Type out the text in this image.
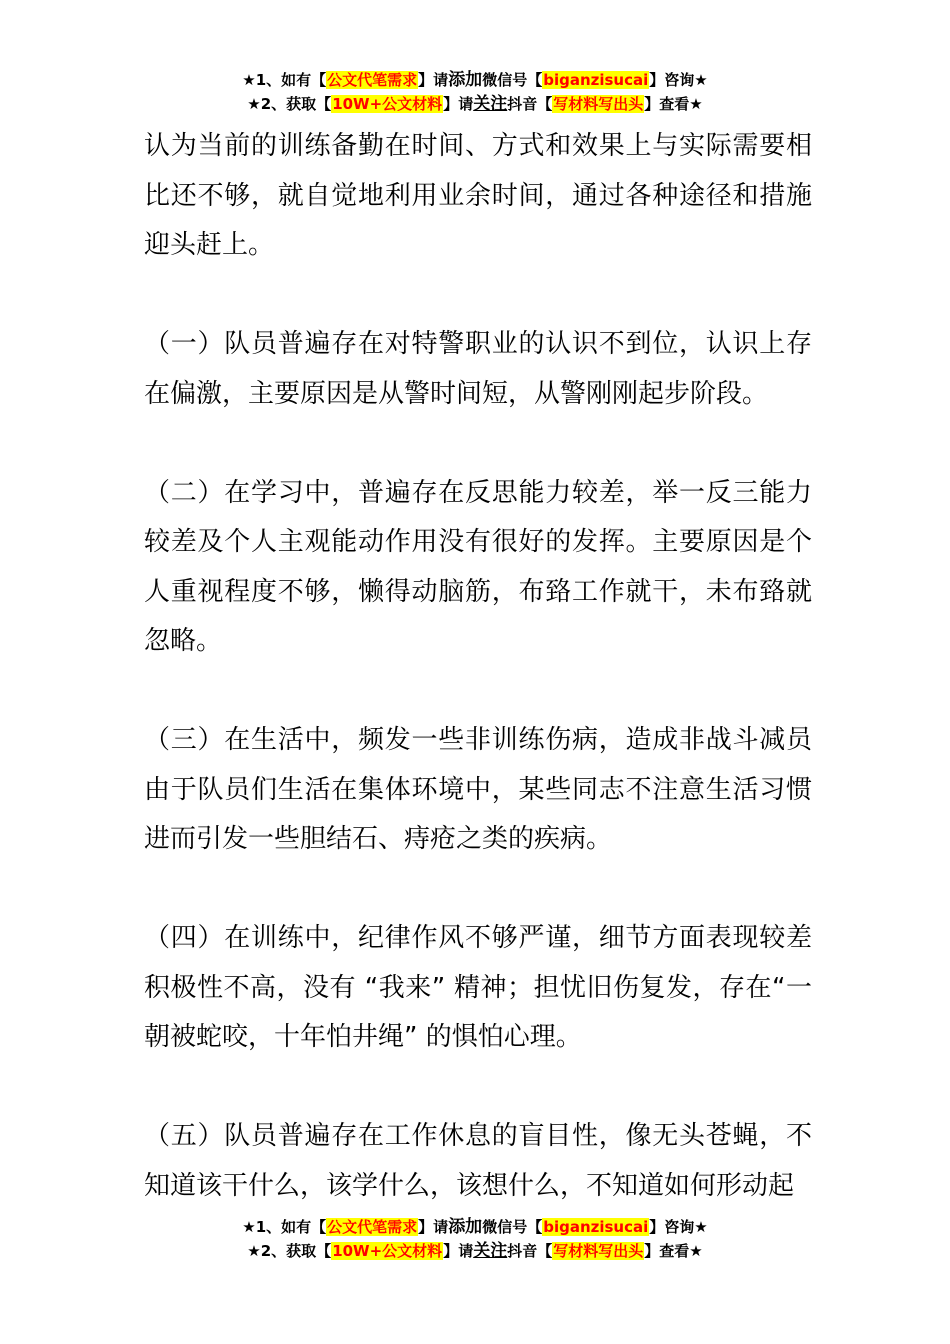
★1、如有【公文代笔需求】请添加微信号【biganzisucai】咨询★
★2、获取【10W+公文材料】请关注抖音【写材料写出头】查看★

认为当前的训练备勤在时间、方式和效果上与实际需要相比还不够，就自觉地利用业余时间，通过各种途径和措施迎头赶上。

（一）队员普遍存在对特警职业的认识不到位，认识上存在偏激，主要原因是从警时间短，从警刚刚起步阶段。

（二）在学习中，普遍存在反思能力较差，举一反三能力较差及个人主观能动作用没有很好的发挥。主要原因是个人重视程度不够，懒得动脑筋，布臵工作就干，未布臵就忽略。

（三）在生活中，频发一些非训练伤病，造成非战斗减员由于队员们生活在集体环境中，某些同志不注意生活习惯进而引发一些胆结石、痔疮之类的疾病。

（四）在训练中，纪律作风不够严谨，细节方面表现较差积极性不高，没有 “我来” 精神；担忧旧伤复发，存在“一朝被蛇咬，十年怕井绳” 的惧怕心理。

（五）队员普遍存在工作休息的盲目性，像无头苍蝇，不知道该干什么，该学什么，该想什么，不知道如何形动起

★1、如有【公文代笔需求】请添加微信号【biganzisucai】咨询★
★2、获取【10W+公文材料】请关注抖音【写材料写出头】查看★
